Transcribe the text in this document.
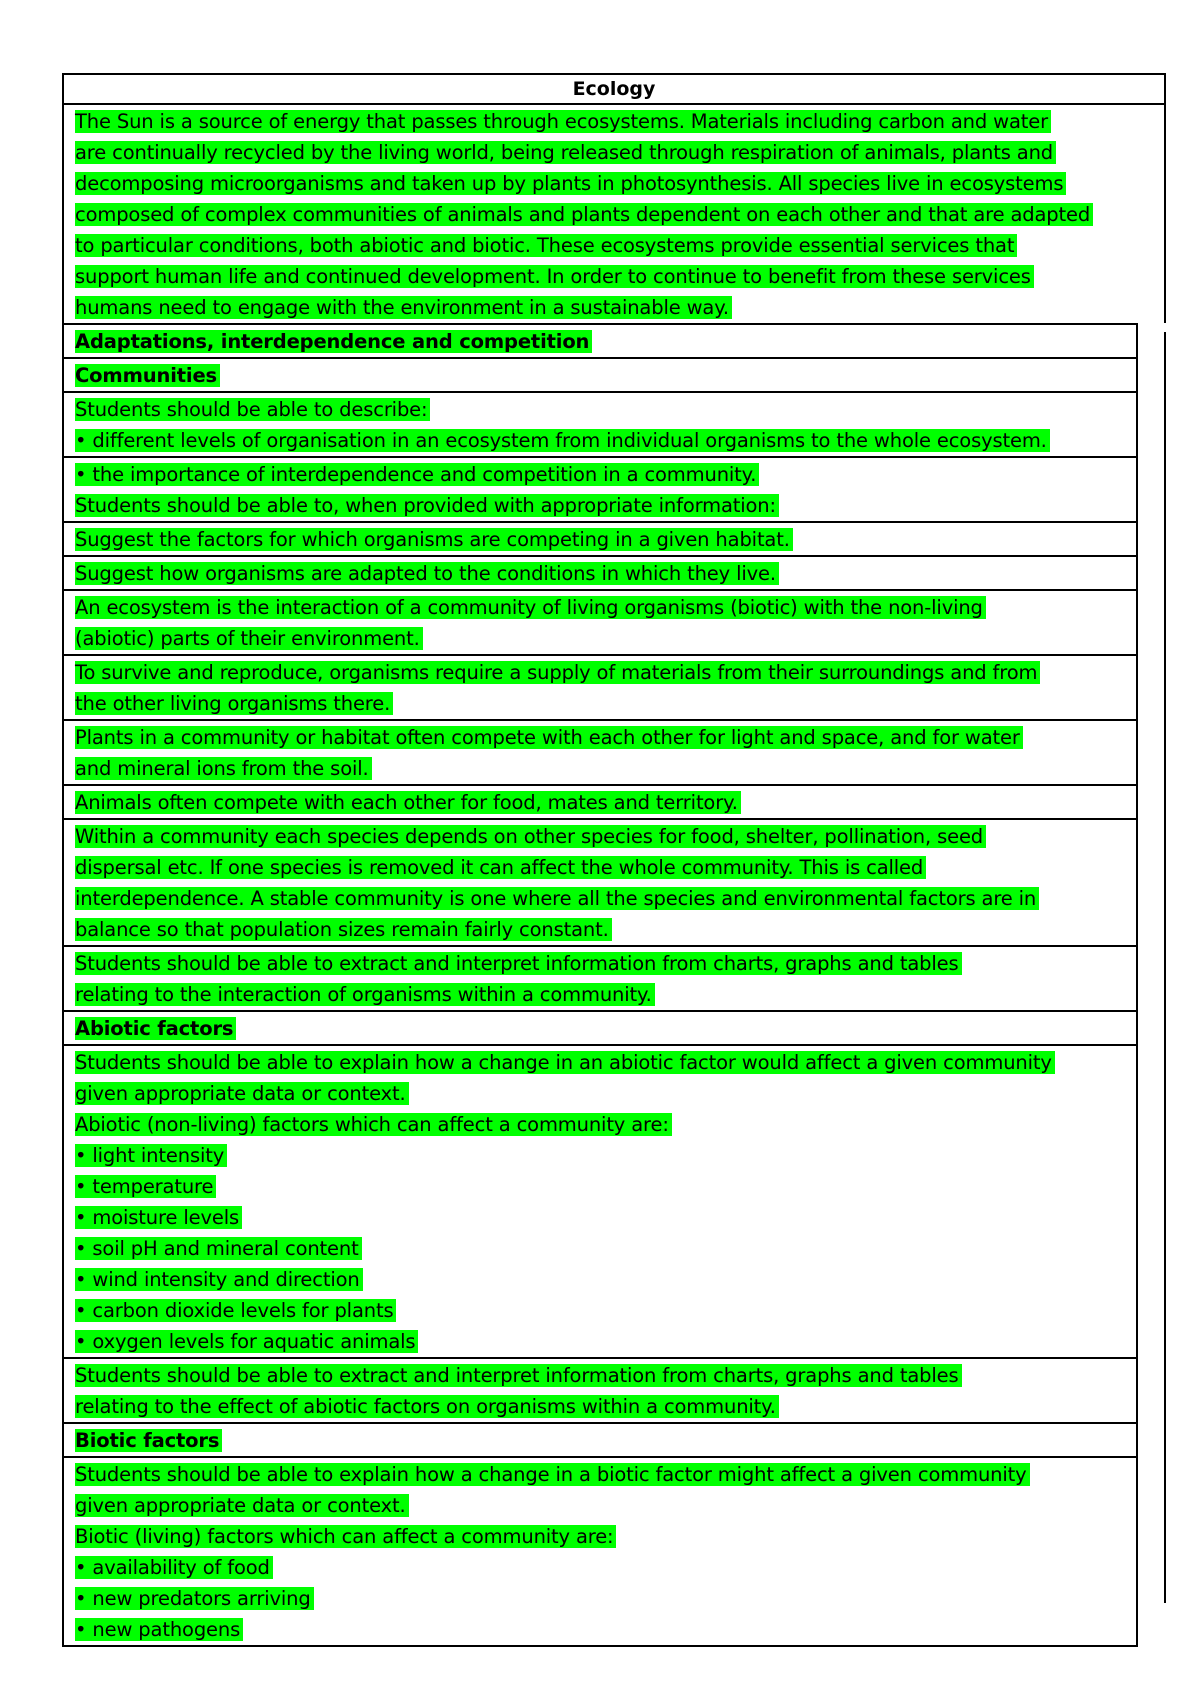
Ecology
The Sun is a source of energy that passes through ecosystems. Materials including carbon and water
are continually recycled by the living world, being released through respiration of animals, plants and
decomposing microorganisms and taken up by plants in photosynthesis. All species live in ecosystems
composed of complex communities of animals and plants dependent on each other and that are adapted
to particular conditions, both abiotic and biotic. These ecosystems provide essential services that
support human life and continued development. In order to continue to benefit from these services
humans need to engage with the environment in a sustainable way.
Adaptations, interdependence and competition
Communities
Students should be able to describe:
• different levels of organisation in an ecosystem from individual organisms to the whole ecosystem.
• the importance of interdependence and competition in a community.
Students should be able to, when provided with appropriate information:
Suggest the factors for which organisms are competing in a given habitat.
Suggest how organisms are adapted to the conditions in which they live.
An ecosystem is the interaction of a community of living organisms (biotic) with the non-living
(abiotic) parts of their environment.
To survive and reproduce, organisms require a supply of materials from their surroundings and from
the other living organisms there.
Plants in a community or habitat often compete with each other for light and space, and for water
and mineral ions from the soil.
Animals often compete with each other for food, mates and territory.
Within a community each species depends on other species for food, shelter, pollination, seed
dispersal etc. If one species is removed it can affect the whole community. This is called
interdependence. A stable community is one where all the species and environmental factors are in
balance so that population sizes remain fairly constant.
Students should be able to extract and interpret information from charts, graphs and tables
relating to the interaction of organisms within a community.
Abiotic factors
Students should be able to explain how a change in an abiotic factor would affect a given community
given appropriate data or context.
Abiotic (non-living) factors which can affect a community are:
• light intensity
• temperature
• moisture levels
• soil pH and mineral content
• wind intensity and direction
• carbon dioxide levels for plants
• oxygen levels for aquatic animals
Students should be able to extract and interpret information from charts, graphs and tables
relating to the effect of abiotic factors on organisms within a community.
Biotic factors
Students should be able to explain how a change in a biotic factor might affect a given community
given appropriate data or context.
Biotic (living) factors which can affect a community are:
• availability of food
• new predators arriving
• new pathogens
